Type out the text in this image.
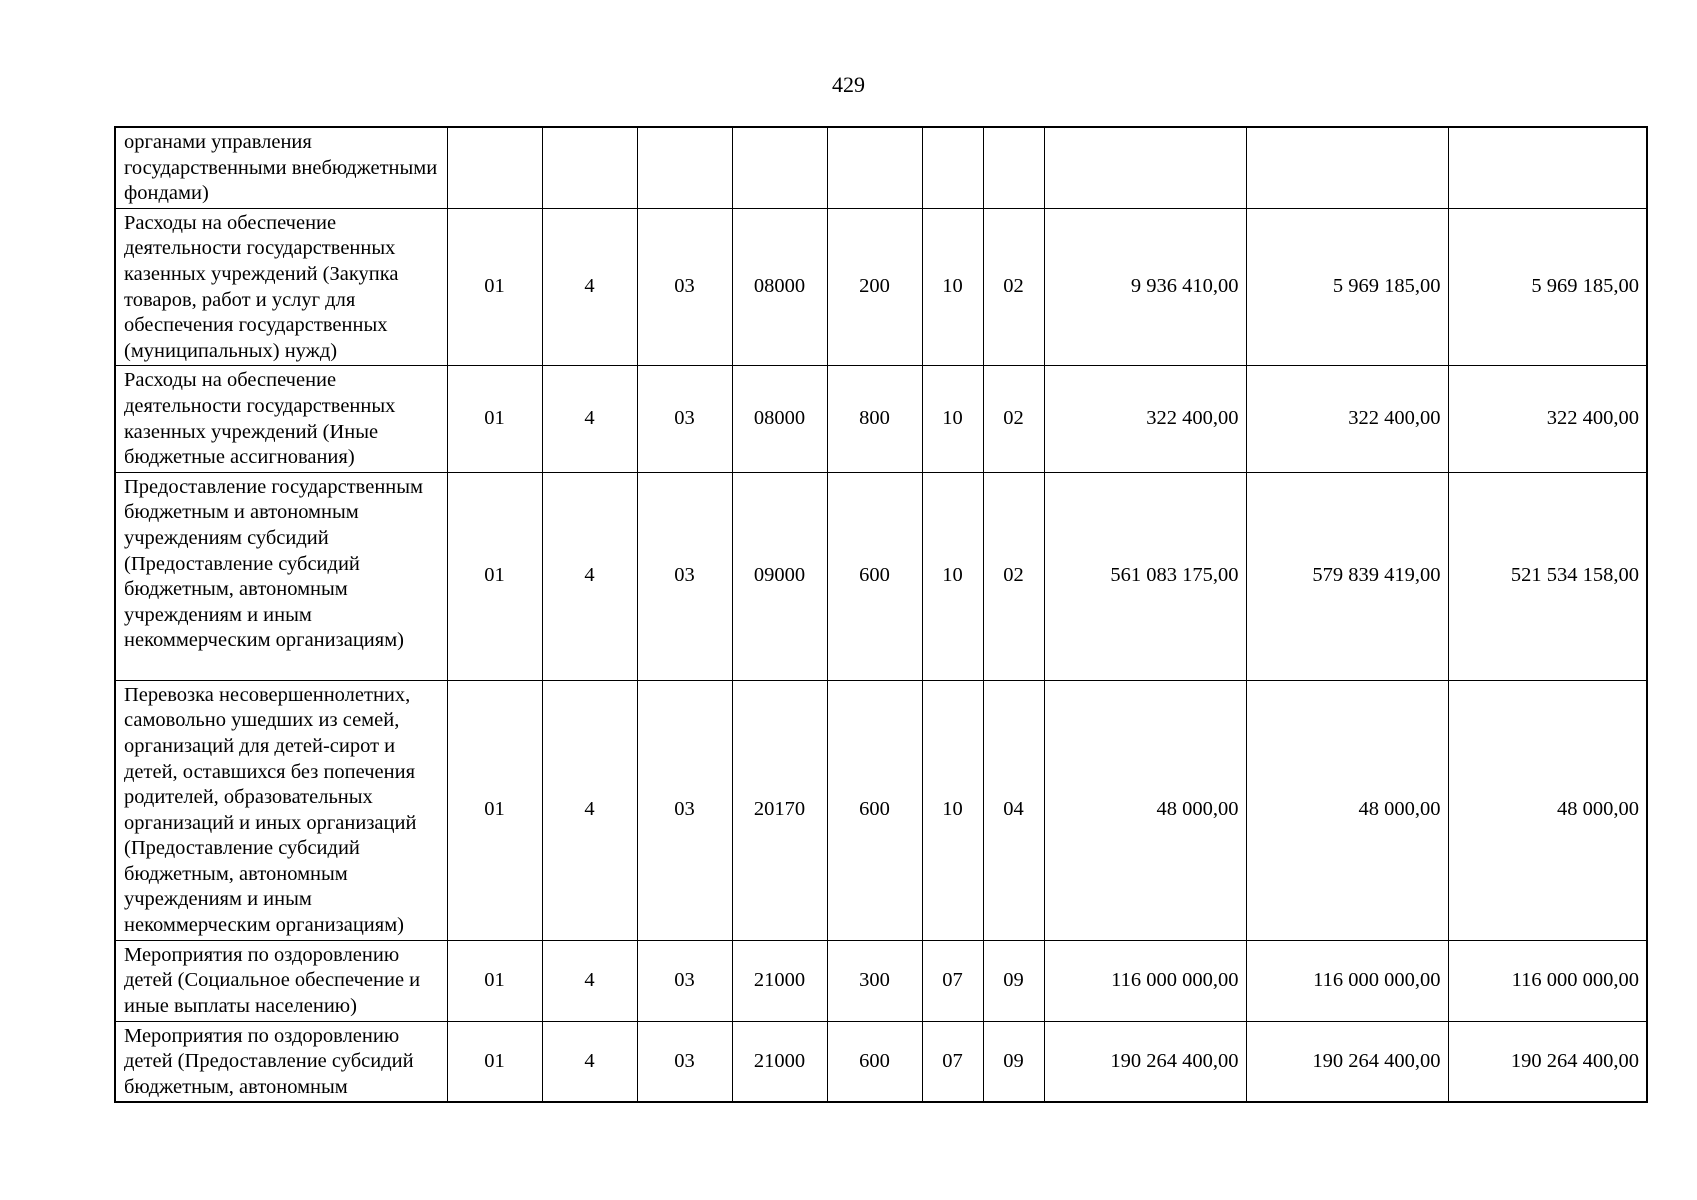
429
органами управления государственными внебюджетными фондами)										
Расходы на обеспечение деятельности государственных казенных учреждений (Закупка товаров, работ и услуг для обеспечения государственных (муниципальных) нужд)	01	4	03	08000	200	10	02	9 936 410,00	5 969 185,00	5 969 185,00
Расходы на обеспечение деятельности государственных казенных учреждений (Иные бюджетные ассигнования)	01	4	03	08000	800	10	02	322 400,00	322 400,00	322 400,00
Предоставление государственным бюджетным и автономным учреждениям субсидий (Предоставление субсидий бюджетным, автономным учреждениям и иным некоммерческим организациям)	01	4	03	09000	600	10	02	561 083 175,00	579 839 419,00	521 534 158,00
Перевозка несовершеннолетних, самовольно ушедших из семей, организаций для детей-сирот и детей, оставшихся без попечения родителей, образовательных организаций и иных организаций (Предоставление субсидий бюджетным, автономным учреждениям и иным некоммерческим организациям)	01	4	03	20170	600	10	04	48 000,00	48 000,00	48 000,00
Мероприятия по оздоровлению детей (Социальное обеспечение и иные выплаты населению)	01	4	03	21000	300	07	09	116 000 000,00	116 000 000,00	116 000 000,00
Мероприятия по оздоровлению детей (Предоставление субсидий бюджетным, автономным	01	4	03	21000	600	07	09	190 264 400,00	190 264 400,00	190 264 400,00
